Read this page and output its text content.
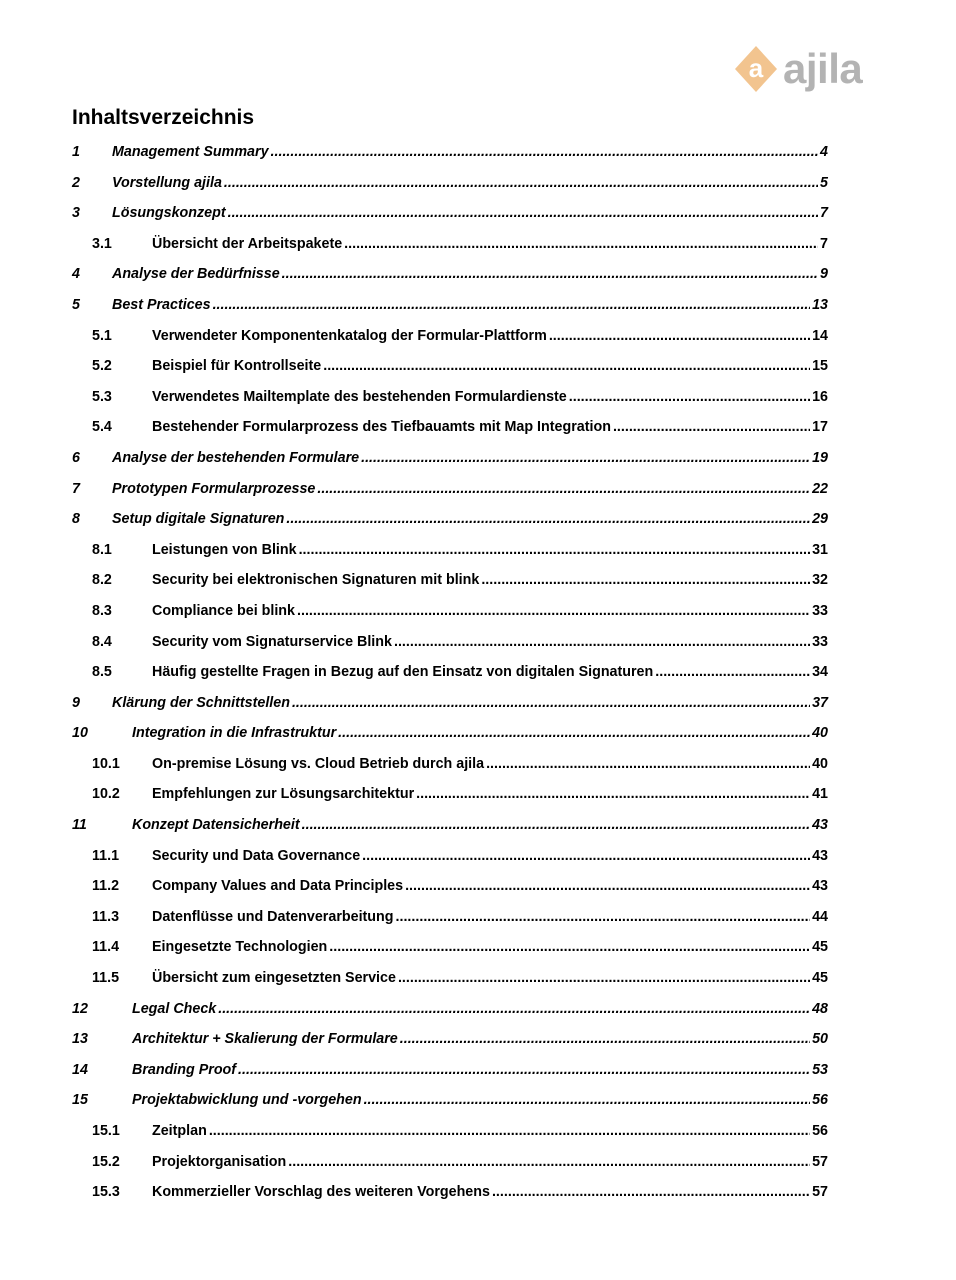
a ajila
Inhaltsverzeichnis
1	Management Summary .....	4
2	Vorstellung ajila .....	5
3	Lösungskonzept .....	7
3.1	Übersicht der Arbeitspakete .....	7
4	Analyse der Bedürfnisse .....	9
5	Best Practices .....	13
5.1	Verwendeter Komponentenkatalog der Formular-Plattform .....	14
5.2	Beispiel für Kontrollseite .....	15
5.3	Verwendetes Mailtemplate des bestehenden Formulardienste .....	16
5.4	Bestehender Formularprozess des Tiefbauamts mit Map Integration .....	17
6	Analyse der bestehenden Formulare .....	19
7	Prototypen Formularprozesse .....	22
8	Setup digitale Signaturen .....	29
8.1	Leistungen von Blink .....	31
8.2	Security bei elektronischen Signaturen mit blink .....	32
8.3	Compliance bei blink .....	33
8.4	Security vom Signaturservice Blink .....	33
8.5	Häufig gestellte Fragen in Bezug auf den Einsatz von digitalen Signaturen .....	34
9	Klärung der Schnittstellen .....	37
10	Integration in die Infrastruktur .....	40
10.1	On-premise Lösung vs. Cloud Betrieb durch ajila .....	40
10.2	Empfehlungen zur Lösungsarchitektur .....	41
11	Konzept Datensicherheit .....	43
11.1	Security und Data Governance .....	43
11.2	Company Values and Data Principles .....	43
11.3	Datenflüsse und Datenverarbeitung .....	44
11.4	Eingesetzte Technologien .....	45
11.5	Übersicht zum eingesetzten Service .....	45
12	Legal Check .....	48
13	Architektur + Skalierung der Formulare .....	50
14	Branding Proof .....	53
15	Projektabwicklung und -vorgehen .....	56
15.1	Zeitplan .....	56
15.2	Projektorganisation .....	57
15.3	Kommerzieller Vorschlag des weiteren Vorgehens .....	57
